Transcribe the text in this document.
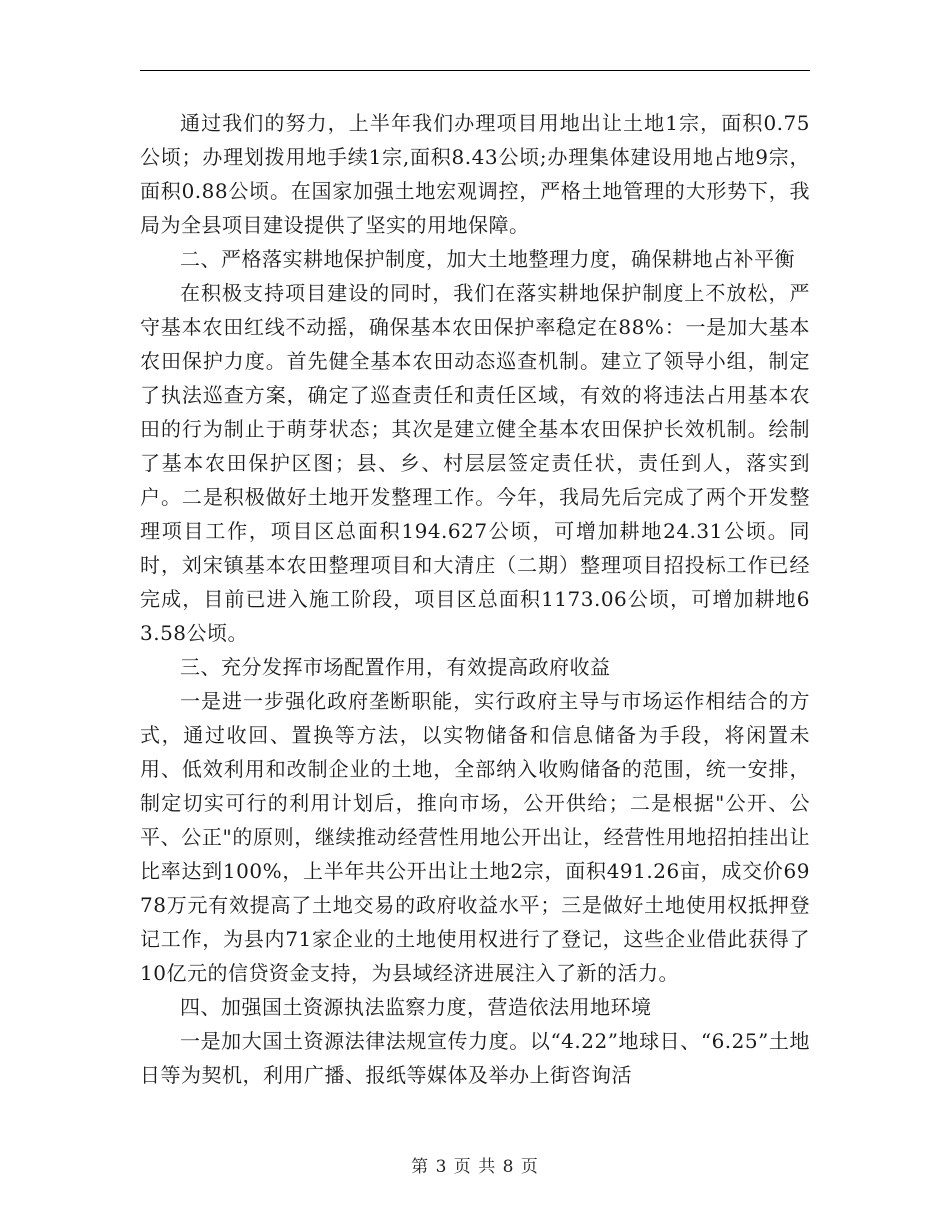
通过我们的努力，上半年我们办理项目用地出让土地1宗，面积0.75公顷；办理划拨用地手续1宗,面积8.43公顷;办理集体建设用地占地9宗，面积0.88公顷。在国家加强土地宏观调控，严格土地管理的大形势下，我局为全县项目建设提供了坚实的用地保障。

二、严格落实耕地保护制度，加大土地整理力度，确保耕地占补平衡

在积极支持项目建设的同时，我们在落实耕地保护制度上不放松，严守基本农田红线不动摇，确保基本农田保护率稳定在88%：一是加大基本农田保护力度。首先健全基本农田动态巡查机制。建立了领导小组，制定了执法巡查方案，确定了巡查责任和责任区域，有效的将违法占用基本农田的行为制止于萌芽状态；其次是建立健全基本农田保护长效机制。绘制了基本农田保护区图；县、乡、村层层签定责任状，责任到人，落实到户。二是积极做好土地开发整理工作。今年，我局先后完成了两个开发整理项目工作，项目区总面积194.627公顷，可增加耕地24.31公顷。同时，刘宋镇基本农田整理项目和大清庄（二期）整理项目招投标工作已经完成，目前已进入施工阶段，项目区总面积1173.06公顷，可增加耕地63.58公顷。

三、充分发挥市场配置作用，有效提高政府收益

一是进一步强化政府垄断职能，实行政府主导与市场运作相结合的方式，通过收回、置换等方法，以实物储备和信息储备为手段，将闲置未用、低效利用和改制企业的土地，全部纳入收购储备的范围，统一安排，制定切实可行的利用计划后，推向市场，公开供给；二是根据"公开、公平、公正"的原则，继续推动经营性用地公开出让，经营性用地招拍挂出让比率达到100%，上半年共公开出让土地2宗，面积491.26亩，成交价6978万元有效提高了土地交易的政府收益水平；三是做好土地使用权抵押登记工作，为县内71家企业的土地使用权进行了登记，这些企业借此获得了10亿元的信贷资金支持，为县域经济进展注入了新的活力。

四、加强国土资源执法监察力度，营造依法用地环境

一是加大国土资源法律法规宣传力度。以“4.22”地球日、“6.25”土地日等为契机，利用广播、报纸等媒体及举办上街咨询活

第 3 页 共 8 页
